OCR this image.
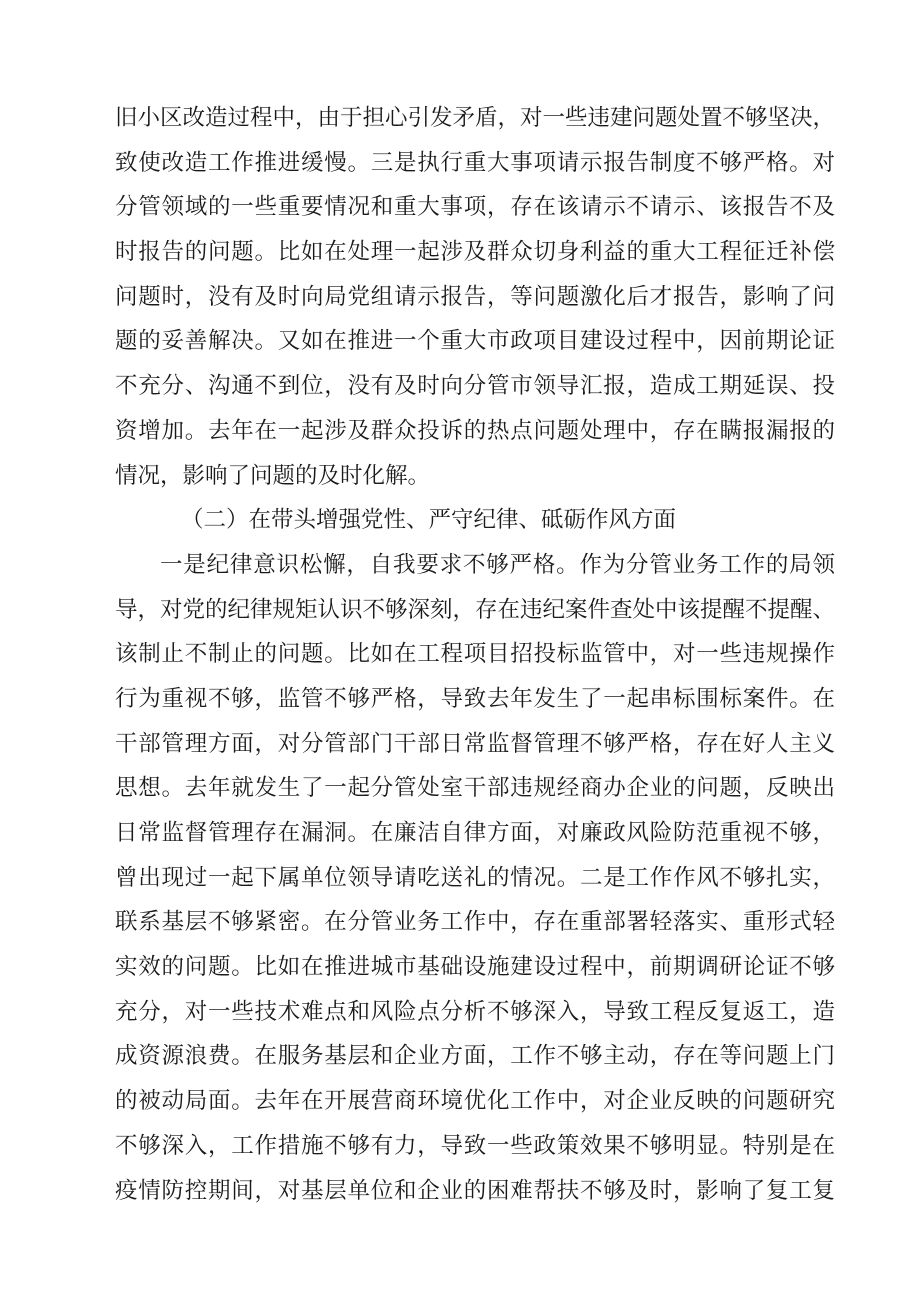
旧小区改造过程中，由于担心引发矛盾，对一些违建问题处置不够坚决，
致使改造工作推进缓慢。三是执行重大事项请示报告制度不够严格。对
分管领域的一些重要情况和重大事项，存在该请示不请示、该报告不及
时报告的问题。比如在处理一起涉及群众切身利益的重大工程征迁补偿
问题时，没有及时向局党组请示报告，等问题激化后才报告，影响了问
题的妥善解决。又如在推进一个重大市政项目建设过程中，因前期论证
不充分、沟通不到位，没有及时向分管市领导汇报，造成工期延误、投
资增加。去年在一起涉及群众投诉的热点问题处理中，存在瞒报漏报的
情况，影响了问题的及时化解。
（二）在带头增强党性、严守纪律、砥砺作风方面
一是纪律意识松懈，自我要求不够严格。作为分管业务工作的局领
导，对党的纪律规矩认识不够深刻，存在违纪案件查处中该提醒不提醒、
该制止不制止的问题。比如在工程项目招投标监管中，对一些违规操作
行为重视不够，监管不够严格，导致去年发生了一起串标围标案件。在
干部管理方面，对分管部门干部日常监督管理不够严格，存在好人主义
思想。去年就发生了一起分管处室干部违规经商办企业的问题，反映出
日常监督管理存在漏洞。在廉洁自律方面，对廉政风险防范重视不够，
曾出现过一起下属单位领导请吃送礼的情况。二是工作作风不够扎实，
联系基层不够紧密。在分管业务工作中，存在重部署轻落实、重形式轻
实效的问题。比如在推进城市基础设施建设过程中，前期调研论证不够
充分，对一些技术难点和风险点分析不够深入，导致工程反复返工，造
成资源浪费。在服务基层和企业方面，工作不够主动，存在等问题上门
的被动局面。去年在开展营商环境优化工作中，对企业反映的问题研究
不够深入，工作措施不够有力，导致一些政策效果不够明显。特别是在
疫情防控期间，对基层单位和企业的困难帮扶不够及时，影响了复工复
